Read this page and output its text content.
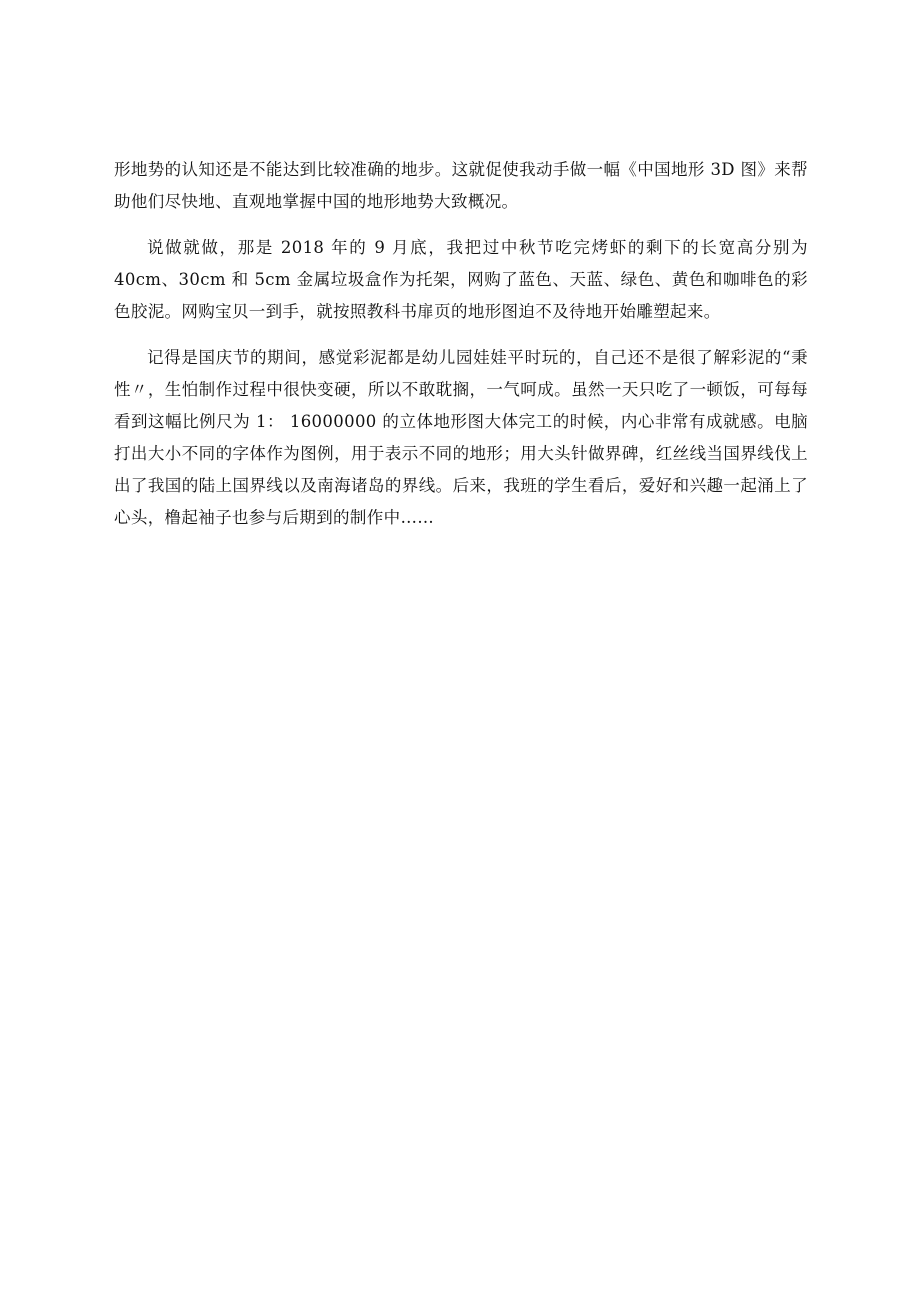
形地势的认知还是不能达到比较准确的地步。这就促使我动手做一幅《中国地形 3D 图》来帮助他们尽快地、直观地掌握中国的地形地势大致概况。

说做就做，那是 2018 年的 9 月底，我把过中秋节吃完烤虾的剩下的长宽高分别为 40cm、30cm 和 5cm 金属垃圾盒作为托架，网购了蓝色、天蓝、绿色、黄色和咖啡色的彩色胶泥。网购宝贝一到手，就按照教科书扉页的地形图迫不及待地开始雕塑起来。

记得是国庆节的期间，感觉彩泥都是幼儿园娃娃平时玩的，自己还不是很了解彩泥的“秉性〃，生怕制作过程中很快变硬，所以不敢耽搁，一气呵成。虽然一天只吃了一顿饭，可每每看到这幅比例尺为 1： 16000000 的立体地形图大体完工的时候，内心非常有成就感。电脑打出大小不同的字体作为图例，用于表示不同的地形；用大头针做界碑，红丝线当国界线伐上出了我国的陆上国界线以及南海诸岛的界线。后来，我班的学生看后，爱好和兴趣一起涌上了心头，橹起袖子也参与后期到的制作中……
